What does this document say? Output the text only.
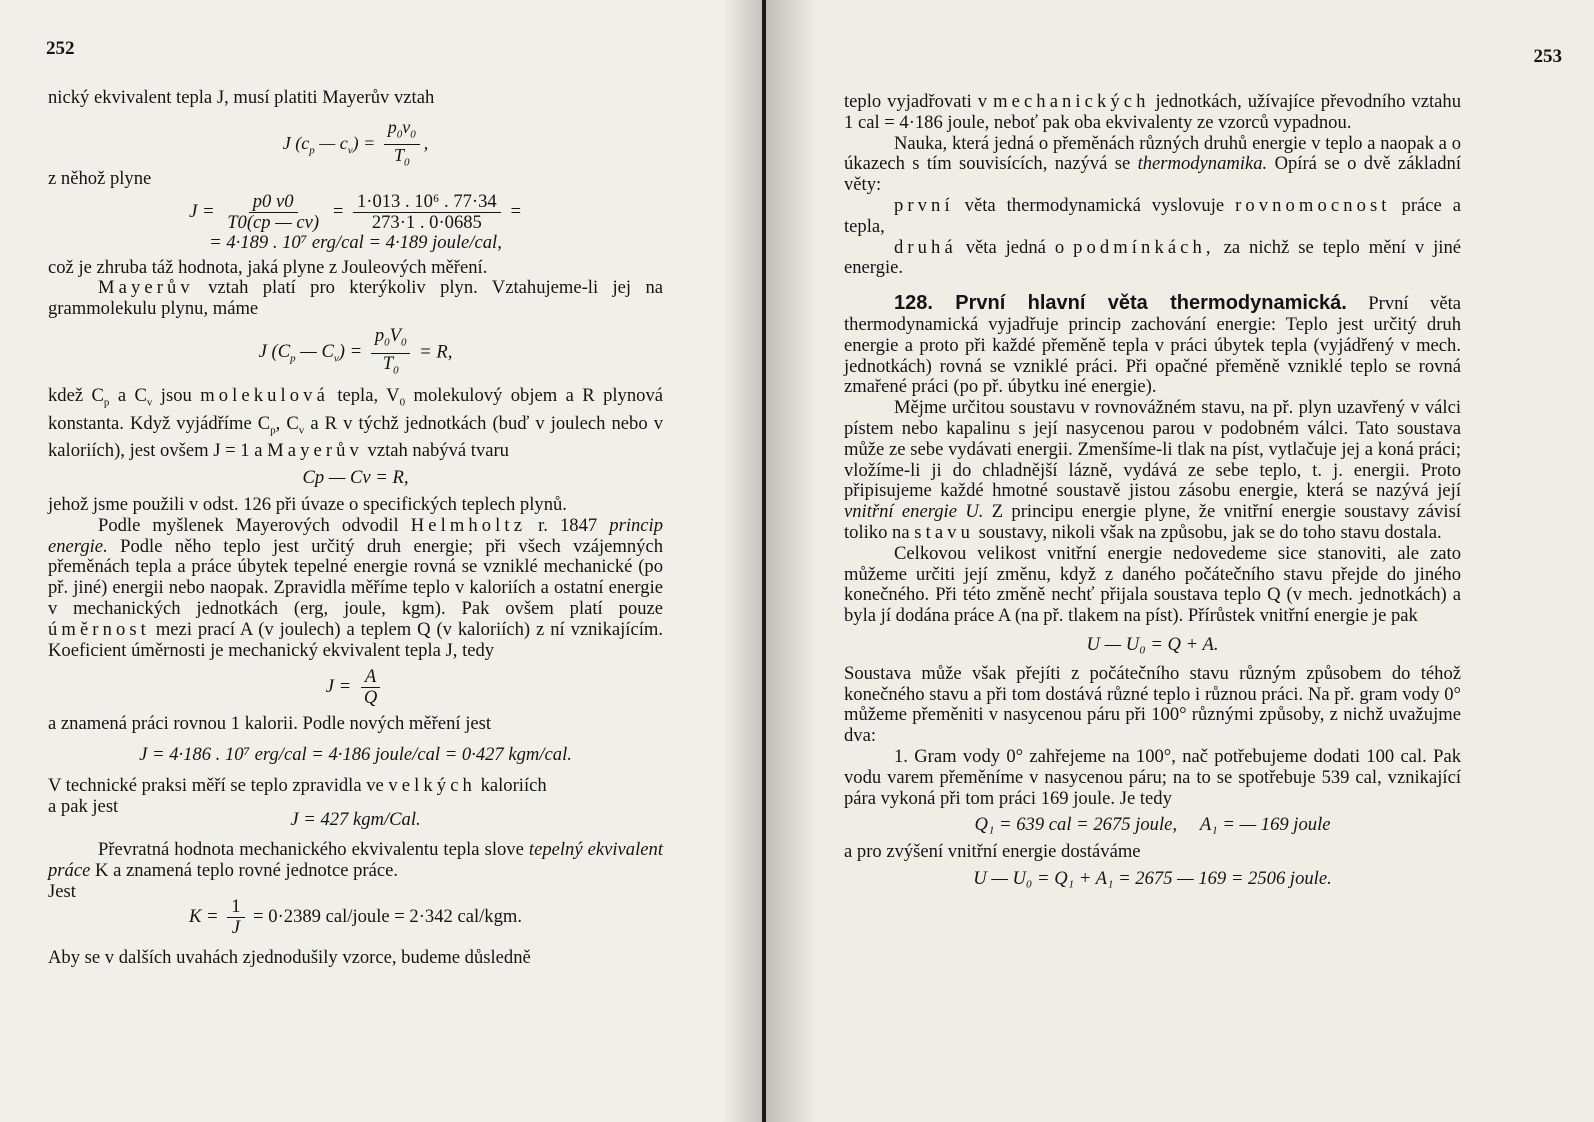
252

nický ekvivalent tepla J, musí platiti Mayerův vztah

J ($c_p$ — $c_v) = \frac{p_0v_0}{T_0}$ ,

z něhož plyne

$J = \frac{p0 v0}{T0(cp — cv)} = \frac{\text{1·013 . 10⁶ . 77·34}}{273\cdot 1 . 0\cdot 0685}$ =
= 4·189 . 10⁷ erg/cal = 4·189 joule/cal,

což je zhruba táž hodnota, jaká plyne z Jouleových měření.

Mayerův vztah platí pro kterýkoliv plyn. Vztahujeme-li jej na grammolekulu plynu, máme

J ($C_p$ — $C_v) = \frac{p_0V_0}{T_0} = R$,

kdež $C_p$ a $C_v$ jsou molekulová tepla, $V_0$ molekulový objem a R plynová konstanta. Když vyjádříme $C_p$, $C_v$ a R v týchž jednotkách (buď v joulech nebo v kaloriích), jest ovšem J = 1 a Mayerův vztah nabývá tvaru

Cp — Cv = R,

jehož jsme použili v odst. 126 při úvaze o specifických teplech plynů.

Podle myšlenek Mayerových odvodil Helmholtz r. 1847 princip energie. Podle něho teplo jest určitý druh energie; při všech vzájemných přeměnách tepla a práce úbytek tepelné energie rovná se vzniklé mechanické (po př. jiné) energii nebo naopak. Zpravidla měříme teplo v kaloriích a ostatní energie v mechanických jednotkách (erg, joule, kgm). Pak ovšem platí pouze úměrnost mezi prací A (v joulech) a teplem Q (v kaloriích) z ní vznikajícím. Koeficient úměrnosti je mechanický ekvivalent tepla J, tedy

$J = \frac{A}{Q}$

a znamená práci rovnou 1 kalorii. Podle nových měření jest

J = 4·186 . 10⁷ erg/cal = 4·186 joule/cal = 0·427 kgm/cal.

V technické praksi měří se teplo zpravidla ve velkých kaloriích

a pak jest

J = 427 kgm/Cal.

Převratná hodnota mechanického ekvivalentu tepla slove tepelný ekvivalent práce K a znamená teplo rovné jednotce práce.

Jest

$K = \frac{1}{J} = 0\cdot 2389$ cal/joule = 2·342 cal/kgm.

Aby se v dalších uvahách zjednodušily vzorce, budeme důsledně

253

teplo vyjadřovati v mechanických jednotkách, užívajíce převodního vztahu 1 cal = 4·186 joule, neboť pak oba ekvivalenty ze vzorců vypadnou.

Nauka, která jedná o přeměnách různých druhů energie v teplo a naopak a o úkazech s tím souvisících, nazývá se thermodynamika. Opírá se o dvě základní věty:

první věta thermodynamická vyslovuje rovnomocnost práce a tepla,

druhá věta jedná o podmínkách, za nichž se teplo mění v jiné energie.

128. První hlavní věta thermodynamická. První věta thermodynamická vyjadřuje princip zachování energie: Teplo jest určitý druh energie a proto při každé přeměně tepla v práci úbytek tepla (vyjádřený v mech. jednotkách) rovná se vzniklé práci. Při opačné přeměně vzniklé teplo se rovná zmařené práci (po př. úbytku iné energie).

Mějme určitou soustavu v rovnovážném stavu, na př. plyn uzavřený v válci pístem nebo kapalinu s její nasycenou parou v podobném válci. Tato soustava může ze sebe vydávati energii. Zmenšíme-li tlak na píst, vytlačuje jej a koná práci; vložíme-li ji do chladnější lázně, vydává ze sebe teplo, t. j. energii. Proto připisujeme každé hmotné soustavě jistou zásobu energie, která se nazývá její vnitřní energie U. Z principu energie plyne, že vnitřní energie soustavy závisí toliko na stavu soustavy, nikoli však na způsobu, jak se do toho stavu dostala.

Celkovou velikost vnitřní energie nedovedeme sice stanoviti, ale zato můžeme určiti její změnu, když z daného počátečního stavu přejde do jiného konečného. Při této změně nechť přijala soustava teplo Q (v mech. jednotkách) a byla jí dodána práce A (na př. tlakem na píst). Přírůstek vnitřní energie je pak

U — U₀ = Q + A.

Soustava může však přejíti z počátečního stavu různým způsobem do téhož konečného stavu a při tom dostává různé teplo i různou práci. Na př. gram vody 0° můžeme přeměniti v nasycenou páru při 100° různými způsoby, z nichž uvažujme dva:

1. Gram vody 0° zahřejeme na 100°, nač potřebujeme dodati 100 cal. Pak vodu varem přeměníme v nasycenou páru; na to se spotřebuje 539 cal, vznikající pára vykoná při tom práci 169 joule. Je tedy

Q₁ = 639 cal = 2675 joule,     A₁ = — 169 joule

a pro zvýšení vnitřní energie dostáváme

U — U₀ = Q₁ + A₁ = 2675 — 169 = 2506 joule.
